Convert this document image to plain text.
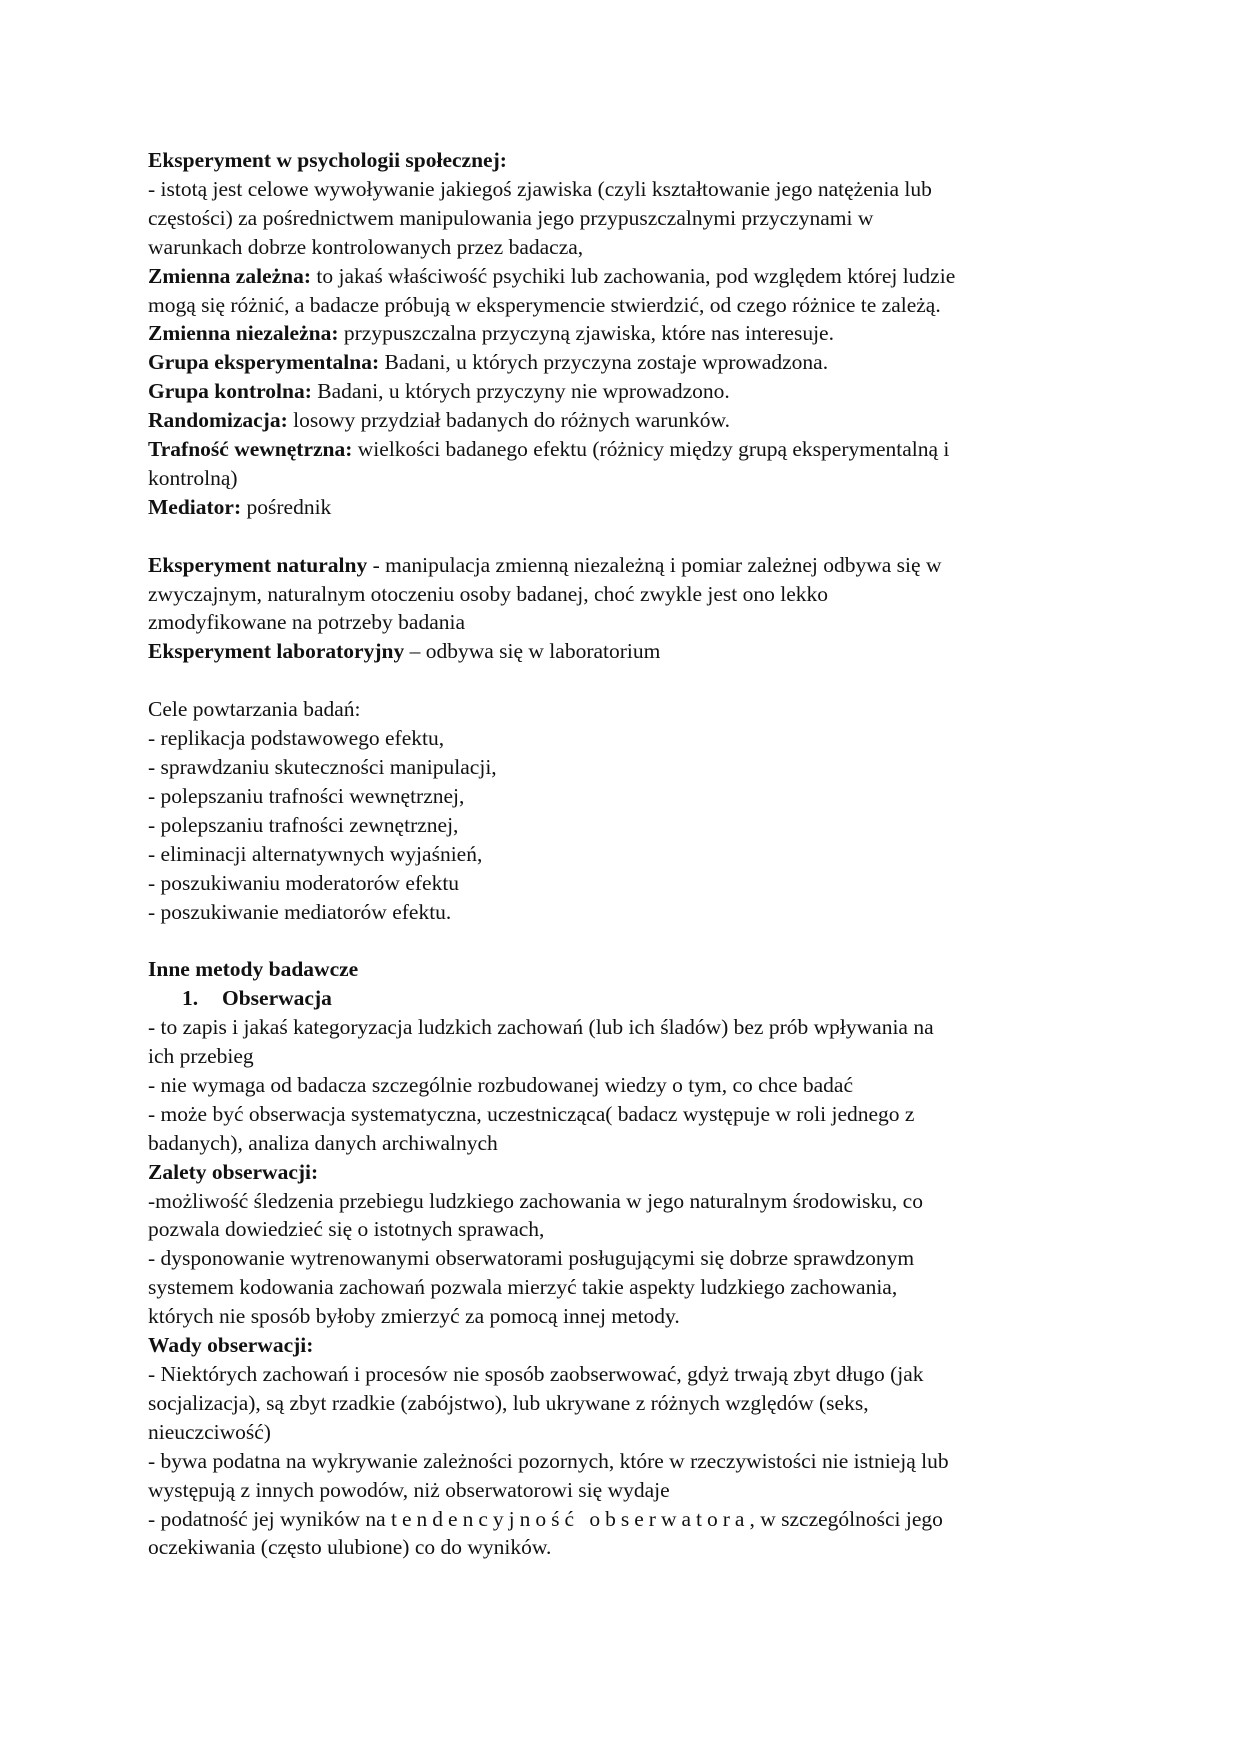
Eksperyment w psychologii społecznej:

- istotą jest celowe wywoływanie jakiegoś zjawiska (czyli kształtowanie jego natężenia lub

częstości) za pośrednictwem manipulowania jego przypuszczalnymi przyczynami w

warunkach dobrze kontrolowanych przez badacza,

Zmienna zależna: to jakaś właściwość psychiki lub zachowania, pod względem której ludzie

mogą się różnić, a badacze próbują w eksperymencie stwierdzić, od czego różnice te zależą.

Zmienna niezależna: przypuszczalna przyczyną zjawiska, które nas interesuje.

Grupa eksperymentalna: Badani, u których przyczyna zostaje wprowadzona.

Grupa kontrolna: Badani, u których przyczyny nie wprowadzono.

Randomizacja: losowy przydział badanych do różnych warunków.

Trafność wewnętrzna: wielkości badanego efektu (różnicy między grupą eksperymentalną i

kontrolną)

Mediator: pośrednik

Eksperyment naturalny - manipulacja zmienną niezależną i pomiar zależnej odbywa się w

zwyczajnym, naturalnym otoczeniu osoby badanej, choć zwykle jest ono lekko

zmodyfikowane na potrzeby badania

Eksperyment laboratoryjny – odbywa się w laboratorium

Cele powtarzania badań:

- replikacja podstawowego efektu,

- sprawdzaniu skuteczności manipulacji,

- polepszaniu trafności wewnętrznej,

- polepszaniu trafności zewnętrznej,

- eliminacji alternatywnych wyjaśnień,

- poszukiwaniu moderatorów efektu

- poszukiwanie mediatorów efektu.

Inne metody badawcze

1. Obserwacja

- to zapis i jakaś kategoryzacja ludzkich zachowań (lub ich śladów) bez prób wpływania na

ich przebieg

- nie wymaga od badacza szczególnie rozbudowanej wiedzy o tym, co chce badać

- może być obserwacja systematyczna, uczestnicząca( badacz występuje w roli jednego z

badanych), analiza danych archiwalnych

Zalety obserwacji:

-możliwość śledzenia przebiegu ludzkiego zachowania w jego naturalnym środowisku, co

pozwala dowiedzieć się o istotnych sprawach,

- dysponowanie wytrenowanymi obserwatorami posługującymi się dobrze sprawdzonym

systemem kodowania zachowań pozwala mierzyć takie aspekty ludzkiego zachowania,

których nie sposób byłoby zmierzyć za pomocą innej metody.

Wady obserwacji:

- Niektórych zachowań i procesów nie sposób zaobserwować, gdyż trwają zbyt długo (jak

socjalizacja), są zbyt rzadkie (zabójstwo), lub ukrywane z różnych względów (seks,

nieuczciwość)

- bywa podatna na wykrywanie zależności pozornych, które w rzeczywistości nie istnieją lub

występują z innych powodów, niż obserwatorowi się wydaje

- podatność jej wyników na tendencyjność obserwatora, w szczególności jego

oczekiwania (często ulubione) co do wyników.
